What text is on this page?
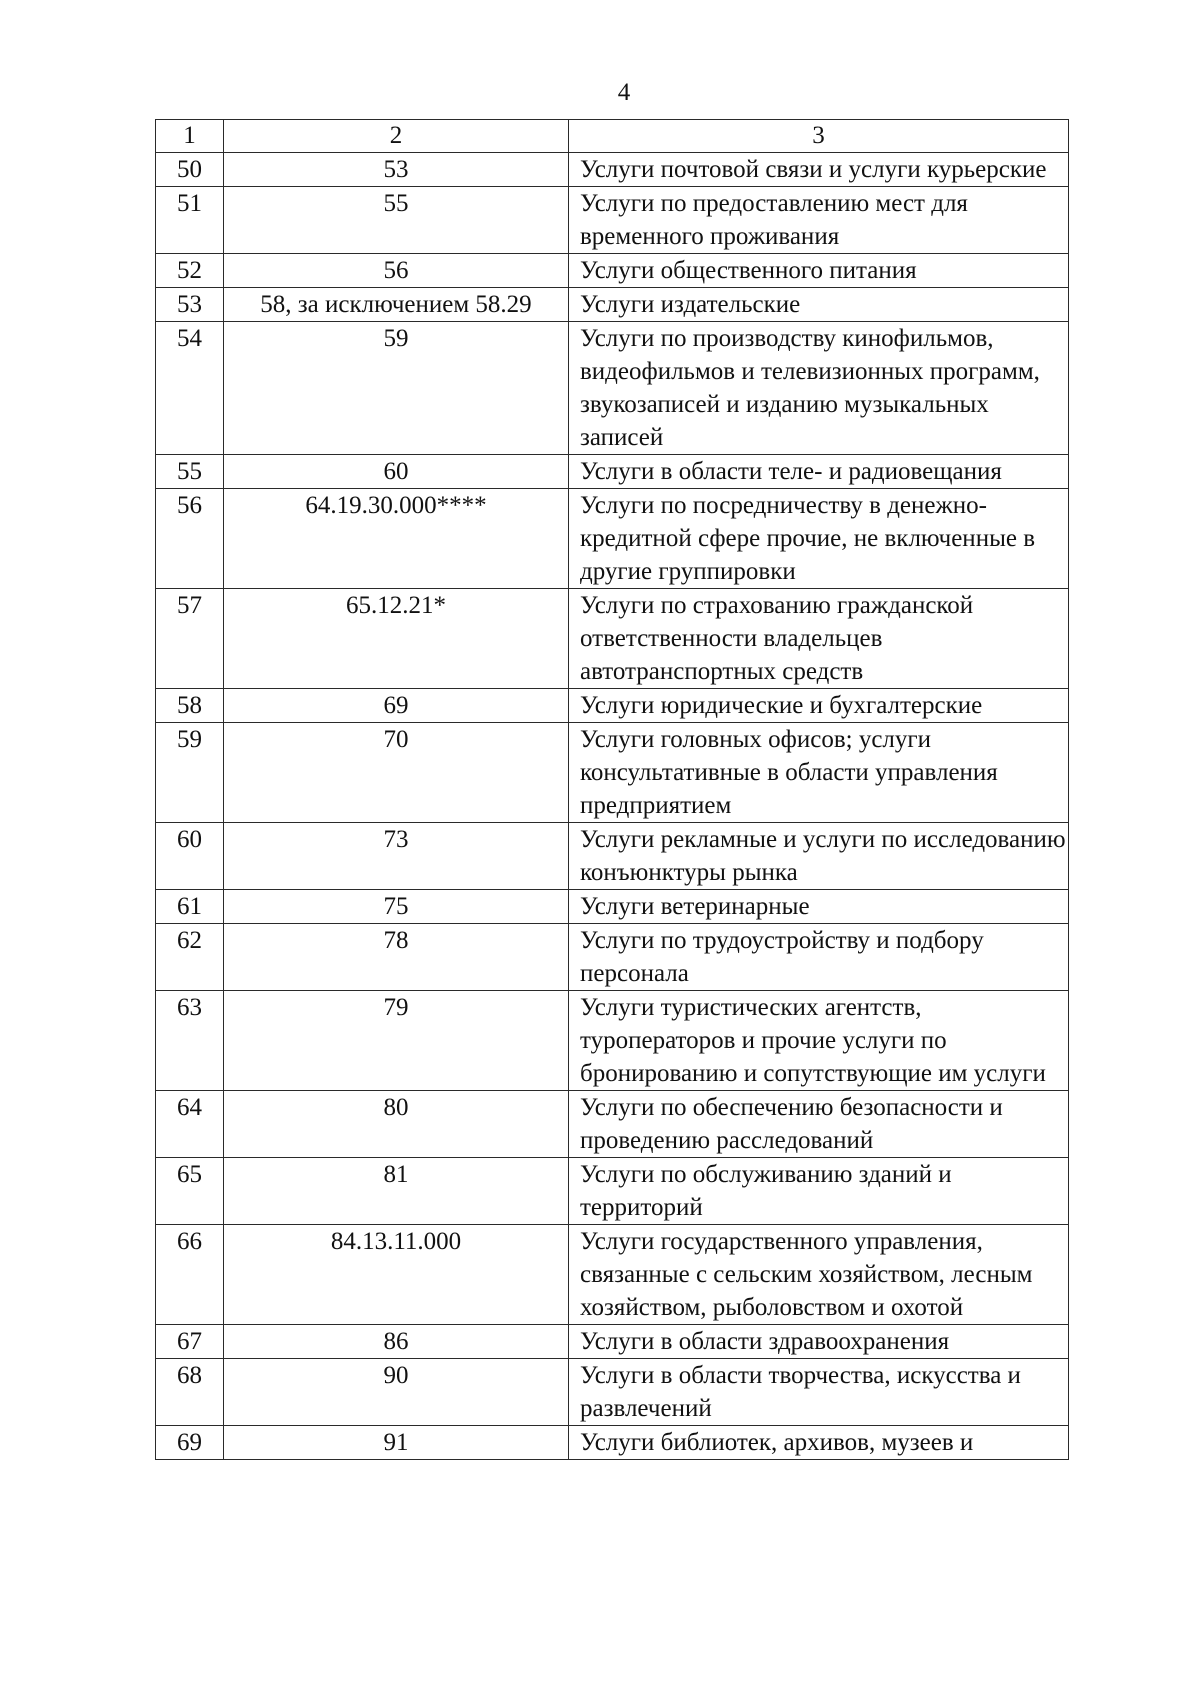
4
1	2	3
50	53	Услуги почтовой связи и услуги курьерские
51	55	Услуги по предоставлению мест для временного проживания
52	56	Услуги общественного питания
53	58, за исключением 58.29	Услуги издательские
54	59	Услуги по производству кинофильмов, видеофильмов и телевизионных программ, звукозаписей и изданию музыкальных записей
55	60	Услуги в области теле- и радиовещания
56	64.19.30.000****	Услуги по посредничеству в денежно-кредитной сфере прочие, не включенные в другие группировки
57	65.12.21*	Услуги по страхованию гражданской ответственности владельцев автотранспортных средств
58	69	Услуги юридические и бухгалтерские
59	70	Услуги головных офисов; услуги консультативные в области управления предприятием
60	73	Услуги рекламные и услуги по исследованию конъюнктуры рынка
61	75	Услуги ветеринарные
62	78	Услуги по трудоустройству и подбору персонала
63	79	Услуги туристических агентств, туроператоров и прочие услуги по бронированию и сопутствующие им услуги
64	80	Услуги по обеспечению безопасности и проведению расследований
65	81	Услуги по обслуживанию зданий и территорий
66	84.13.11.000	Услуги государственного управления, связанные с сельским хозяйством, лесным хозяйством, рыболовством и охотой
67	86	Услуги в области здравоохранения
68	90	Услуги в области творчества, искусства и развлечений
69	91	Услуги библиотек, архивов, музеев и
